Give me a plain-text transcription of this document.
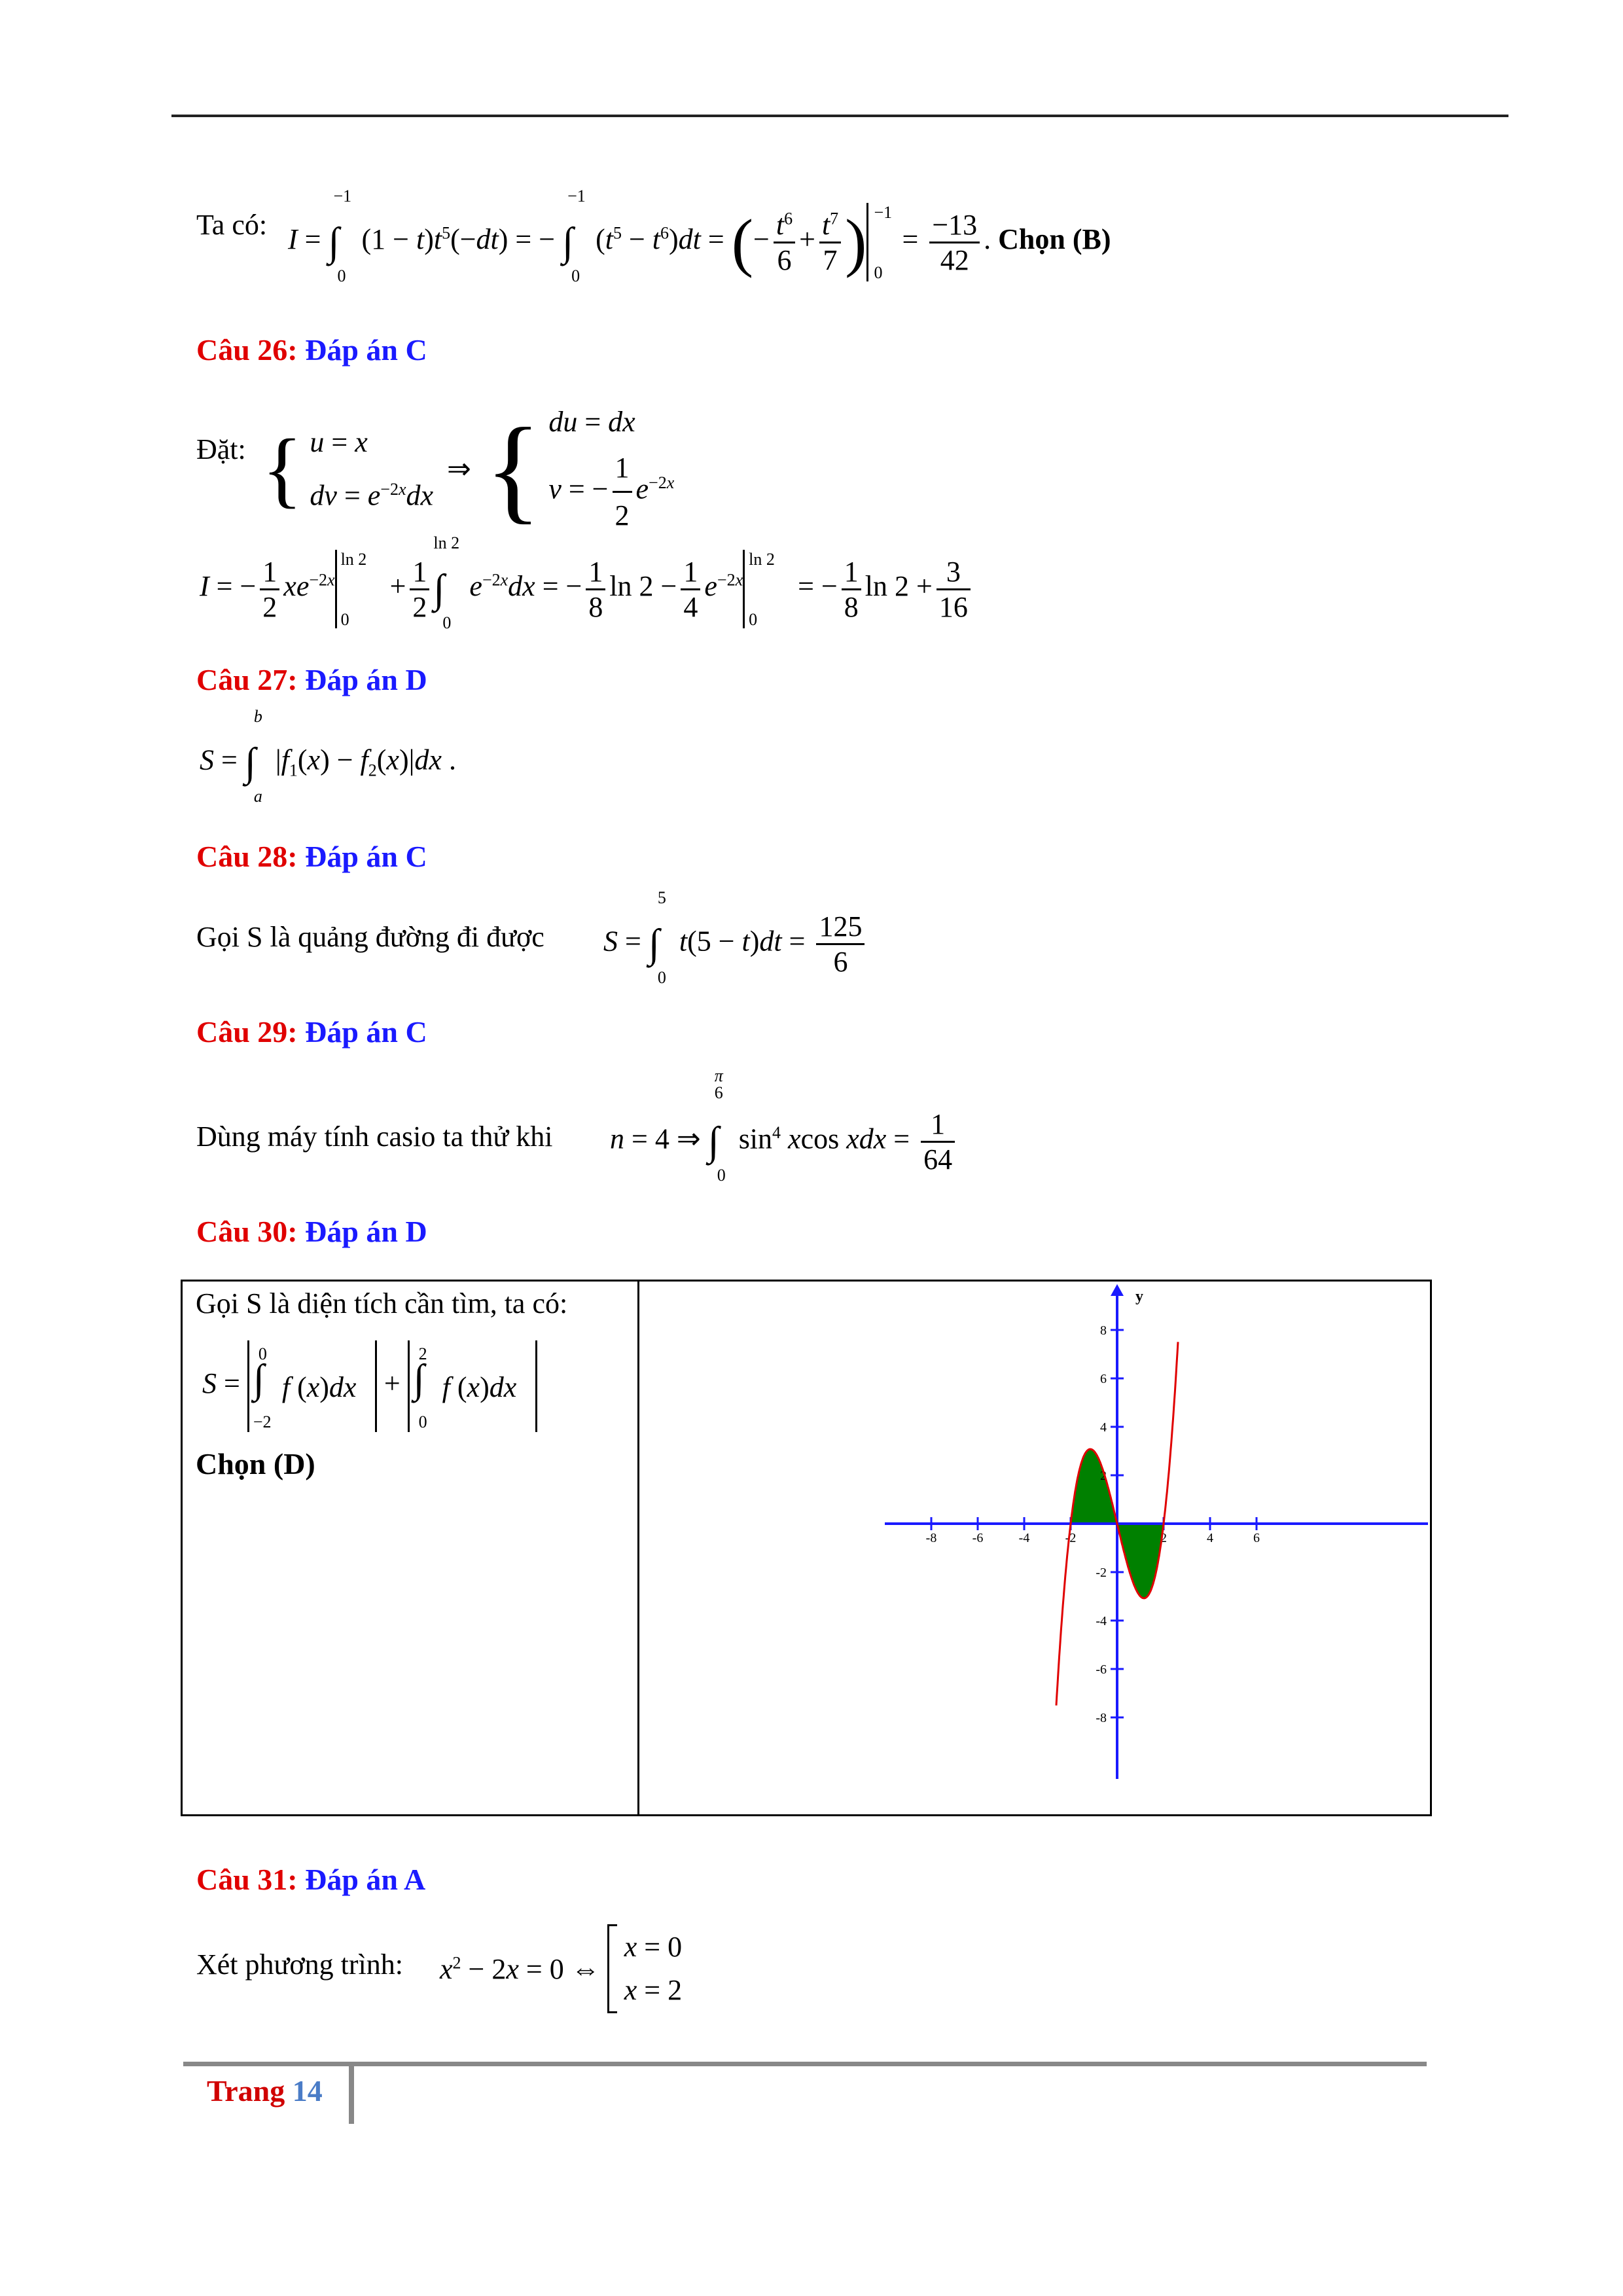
Ta có: I =
−1
∫
0
$(1 - t)t^5(-dt)$ = −
−1
∫
0
$(t^5 - t^6)dt$ = (− $\frac{t^6}{6} + \frac{t^7}{7}$ ) −1
0
= $\frac{-13}{42}$ . Chọn (B)
Câu 26: Đáp án C
Đặt: { u = x
dv = $e^{-2x}dx$
⇒ { du = dx
v = − $\frac{1}{2} e^{-2x}$
I = − $\frac{1}{2} xe^{-2x}$
ln 2
0
+ $\frac{1}{2}$
ln 2
∫
0
$e^{-2x}dx$ = − $\frac{1}{8}$ $\ln 2 - \frac{1}{4} e^{-2x}$
ln 2
0
= − $\frac{1}{8}$ $\ln 2 + \frac{3}{16}$
Câu 27: Đáp án D
S =
b
∫
a
$|f_1(x) - f_2(x)|dx$ .
Câu 28: Đáp án C
Gọi S là quảng đường đi được S =
5
∫
0
$t(5 - t)dt = \frac{125}{6}$
Câu 29: Đáp án C
Dùng máy tính casio ta thử khi n = 4 ⇒
π
6
∫
0
$\sin^4 xcos$ xdx = $\frac{1}{64}$
Câu 30: Đáp án D
Gọi S là diện tích cần tìm, ta có:
S =
0
∫
−2
f (x)dx +
2
∫
0
f (x)dx
Chọn (D)

-8	-6	-4	-2	2	4	6
-8
-6
-4
-2
2
4
6
8
y
Câu 31: Đáp án A
Xét phương trình: $x^2 - 2x = 0$ ⇔
x = 0
x = 2
Trang 14
